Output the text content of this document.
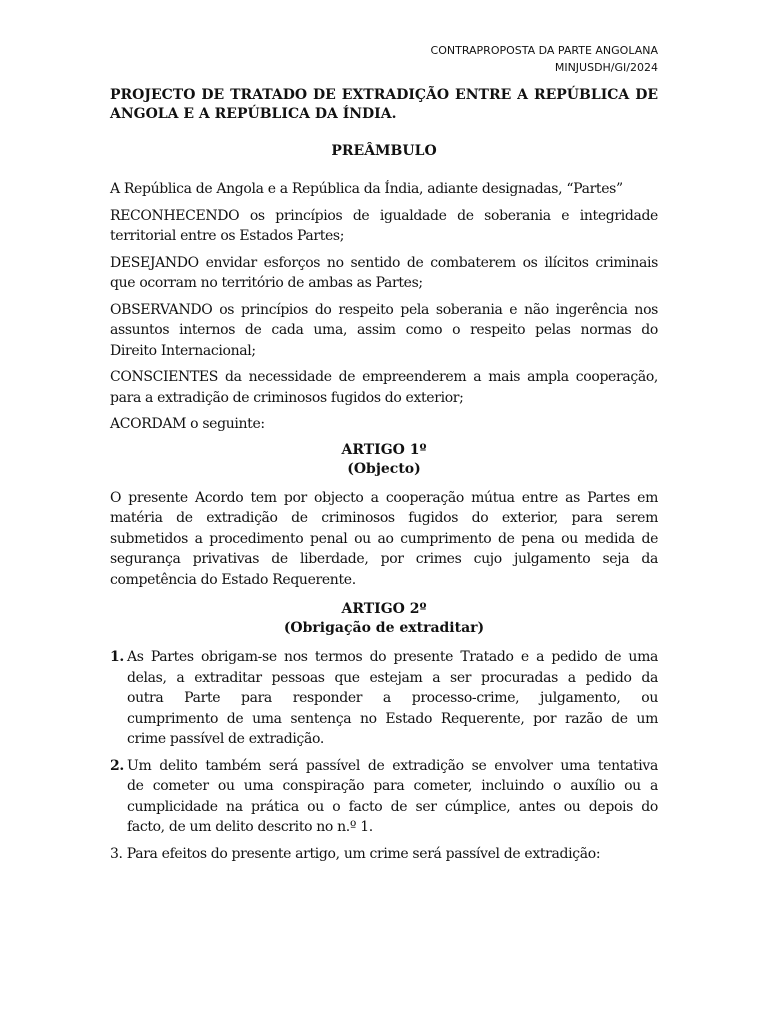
CONTRAPROPOSTA DA PARTE ANGOLANA
MINJUSDH/GI/2024
PROJECTO DE TRATADO DE EXTRADIÇÃO ENTRE A REPÚBLICA DE
ANGOLA E A REPÚBLICA DA ÍNDIA.

PREÂMBULO

A República de Angola e a República da Índia, adiante designadas, “Partes”
RECONHECENDO os princípios de igualdade de soberania e integridade
territorial entre os Estados Partes;
DESEJANDO envidar esforços no sentido de combaterem os ilícitos criminais
que ocorram no território de ambas as Partes;
OBSERVANDO os princípios do respeito pela soberania e não ingerência nos
assuntos internos de cada uma, assim como o respeito pelas normas do
Direito Internacional;
CONSCIENTES da necessidade de empreenderem a mais ampla cooperação,
para a extradição de criminosos fugidos do exterior;
ACORDAM o seguinte:

ARTIGO 1º

(Objecto)

O presente Acordo tem por objecto a cooperação mútua entre as Partes em
matéria de extradição de criminosos fugidos do exterior, para serem
submetidos a procedimento penal ou ao cumprimento de pena ou medida de
segurança privativas de liberdade, por crimes cujo julgamento seja da
competência do Estado Requerente.

ARTIGO 2º

(Obrigação de extraditar)

1. As Partes obrigam-se nos termos do presente Tratado e a pedido de uma
delas, a extraditar pessoas que estejam a ser procuradas a pedido da
outra Parte para responder a processo-crime, julgamento, ou
cumprimento de uma sentença no Estado Requerente, por razão de um
crime passível de extradição.
2. Um delito também será passível de extradição se envolver uma tentativa
de cometer ou uma conspiração para cometer, incluindo o auxílio ou a
cumplicidade na prática ou o facto de ser cúmplice, antes ou depois do
facto, de um delito descrito no n.º 1.
3. Para efeitos do presente artigo, um crime será passível de extradição:
